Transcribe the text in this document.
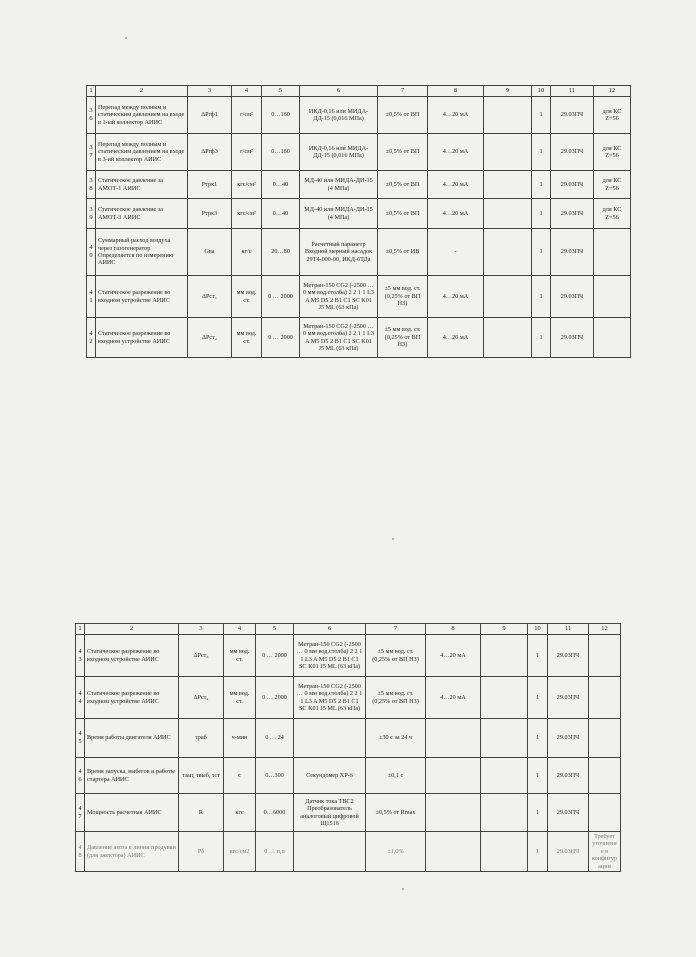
1	2	3	4	5	6	7	8	9	10	11	12
36	Перепад между полным и статическим давлением на входе в 1-ый коллектор АИИС	ΔPrф1	г/см²	0…160	ИКД-0,16 или МИДА-ДД-15 (0,016 МПа)	±0,5% от ВП	4…20 мА		1	29.03ПЧ	для КС Z=56
37	Перепад между полным и статическим давлением на входе в 3-ий коллектор АИИС	ΔPrф3	г/см²	0…160	ИКД-0,16 или МИДА-ДД-15 (0,016 МПа)	±0,5% от ВП	4…20 мА		1	29.03ПЧ	для КС Z=56
38	Статическое давление за АМОТ-1 АИИС	Ртрк1	кгс/см²	0…40	МД-40 или МИДА-ДИ-15 (4 МПа)	±0,5% от ВП	4…20 мА		1	29.03ПЧ	для КС Z=56
39	Статическое давление за АМОТ-3 АИИС	Ртрк3	кгс/см²	0…40	МД-40 или МИДА-ДИ-15 (4 МПа)	±0,5% от ВП	4…20 мА		1	29.03ПЧ	для КС Z=56
40	Суммарный расход воздуха через газогенератор Определяется по измерению АИИС	Gвa	кг/с	20…80	Расчетный параметр Входной мерный насадок 29Т4-000-00, ИКД-6ТДа	±0,5% от ИВ	-		1	29.03ПЧ	
41	Статическое разрежение во входном устройстве АИИС	ΔPст₁	мм вод. ст.	0 … 2000	Метран-150 CG2 (-2500 … 0 мм вод.столба) 2 2 1 1 L3 A M5 D5 2 B1 C1 SC K01 J5 ML (63 кПа)	±5 мм вод. ст. (0,25% от ВП НЗ)	4…20 мА		1	29.03ПЧ	
42	Статическое разрежение во входном устройстве АИИС	ΔPст₂	мм вод. ст.	0 … 2000	Метран-150 CG2 (-2500 … 0 мм вод.столба) 2 2 1 1 L3 A M5 D5 2 B1 C1 SC K01 J5 ML (63 кПа)	±5 мм вод. ст. (0,25% от ВП НЗ)	4…20 мА		1	29.03ПЧ	
1	2	3	4	5	6	7	8	9	10	11	12
43	Статическое разрежение во входном устройстве АИИС	ΔPст₃	мм вод. ст.	0 … 2000	Метран-150 CG2 (-2500 … 0 мм вод.столба) 2 2 1 1 L3 A M5 D5 2 B1 C1 SC K01 J5 ML (63 кПа)	±5 мм вод. ст. (0,25% от ВП НЗ)	4…20 мА		1	29.03ПЧ	
44	Статическое разрежение во входном устройстве АИИС	ΔPст₄	мм вод. ст.	0 … 2000	Метран-150 CG2 (-2500 … 0 мм вод.столба) 2 2 1 1 L3 A M5 D5 2 B1 C1 SC K01 J5 ML (63 кПа)	±5 мм вод. ст. (0,25% от ВП НЗ)	4…20 мА		1	29.03ПЧ	
45	Время работы двигателя АИИС	τраб	ч-мин	0 … 24		±30 с за 24 ч			1	29.03ПЧ	
46	Время запуска, выбегов и работы стартера АИИС	τзап, τвыб, τст	с	0…300	Секундомер ХР-6	±0,1 с			1	29.03ПЧ	
47	Мощность расчетная АИИС	R	кгс	0…6000	Датчик тока ТВС2 Преобразователь аналоговый цифровой Щ1516	±0,5% от Rmax			1	29.03ПЧ	
48	Давление азота в линии продувки (для эжектора) АИИС	Pδ	кгс/см2	0 … п,п		±1,0%			1	29.03ПЧ	Требует уточнение в конфигурации
